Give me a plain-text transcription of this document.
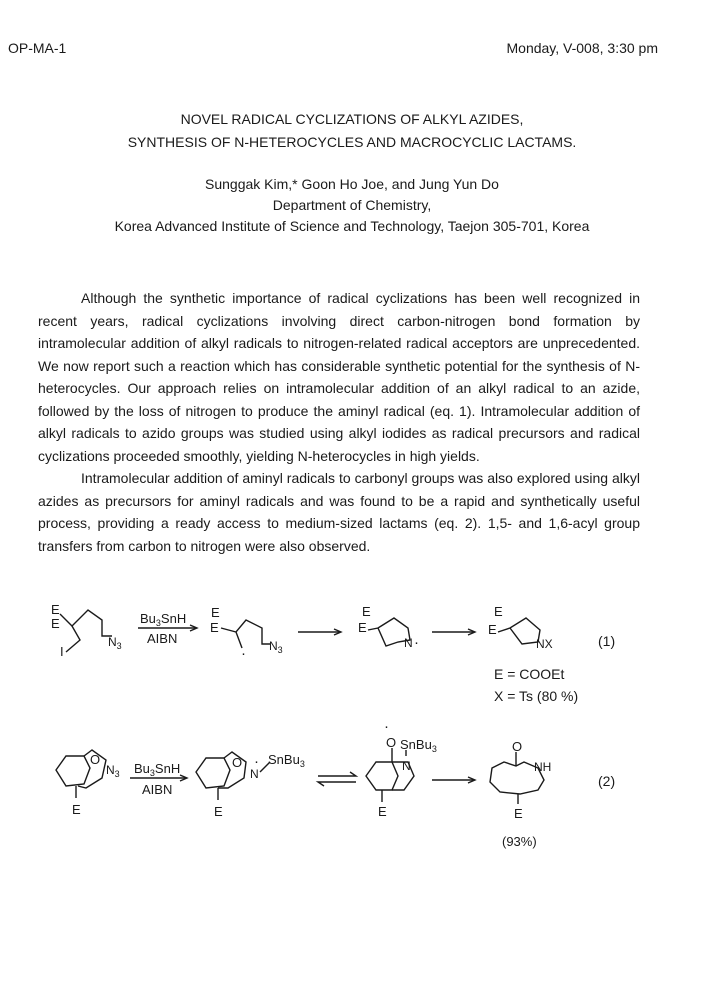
OP-MA-1	Monday, V-008, 3:30 pm
NOVEL RADICAL CYCLIZATIONS OF ALKYL AZIDES,
SYNTHESIS OF N-HETEROCYCLES AND MACROCYCLIC LACTAMS.
Sunggak Kim,* Goon Ho Joe, and Jung Yun Do
Department of Chemistry,
Korea Advanced Institute of Science and Technology, Taejon 305-701, Korea

Although the synthetic importance of radical cyclizations has been well recognized in recent years, radical cyclizations involving direct carbon-nitrogen bond formation by intramolecular addition of alkyl radicals to nitrogen-related radical acceptors are unprecedented. We now report such a reaction which has considerable synthetic potential for the synthesis of N-heterocycles. Our approach relies on intramolecular addition of an alkyl radical to an azide, followed by the loss of nitrogen to produce the aminyl radical (eq. 1). Intramolecular addition of alkyl radicals to azido groups was studied using alkyl iodides as radical precursors and radical cyclizations proceeded smoothly, yielding N-heterocycles in high yields.

Intramolecular addition of aminyl radicals to carbonyl groups was also explored using alkyl azides as precursors for aminyl radicals and was found to be a rapid and synthetically useful process, providing a ready access to medium-sized lactams (eq. 2). 1,5- and 1,6-acyl group transfers from carbon to nitrogen were also observed.

E
E
I
$N_3$
$Bu_3SnH$
AIBN
E
E
· $N_3$
E
E
N ·
E
E
NX	(1)
E = COOEt
X = Ts (80 %)
O
E
$N_3$ $Bu_3SnH$
AIBN
O
E
N
· SnBu$_3$
O
·
N
SnBu$_3$
E
O
NH
E
(2)
(93%)
